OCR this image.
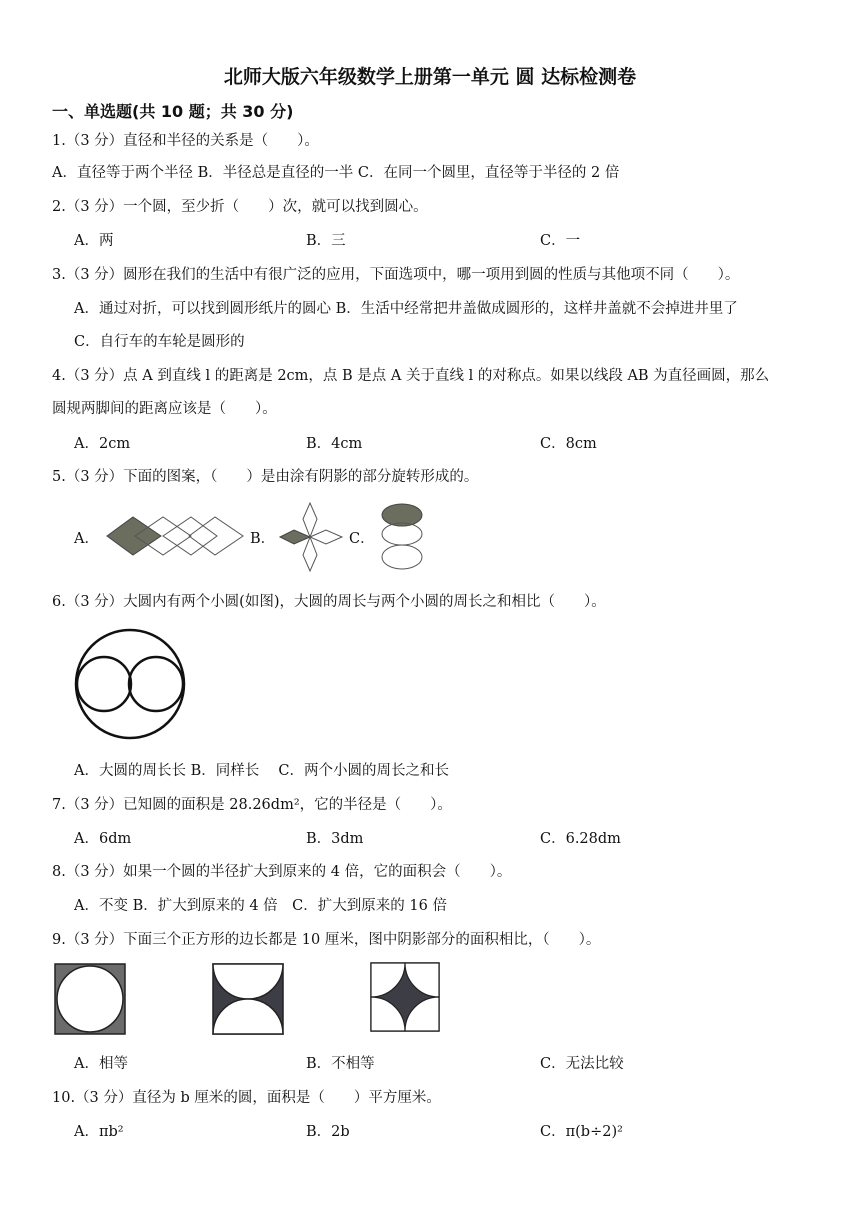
北师大版六年级数学上册第一单元 圆 达标检测卷
一、单选题(共 10 题；共 30 分)
1.（3 分）直径和半径的关系是（　　）。
A．直径等于两个半径 B．半径总是直径的一半 C．在同一个圆里，直径等于半径的 2 倍
2.（3 分）一个圆，至少折（　　）次，就可以找到圆心。
A．两	B．三	C．一
3.（3 分）圆形在我们的生活中有很广泛的应用，下面选项中，哪一项用到圆的性质与其他项不同（　　）。
A．通过对折，可以找到圆形纸片的圆心 B．生活中经常把井盖做成圆形的，这样井盖就不会掉进井里了
C．自行车的车轮是圆形的
4.（3 分）点 A 到直线 l 的距离是 2cm，点 B 是点 A 关于直线 l 的对称点。如果以线段 AB 为直径画圆，那么
圆规两脚间的距离应该是（　　）。
A．2cm	B．4cm	C．8cm
5.（3 分）下面的图案，（　　）是由涂有阴影的部分旋转形成的。
A．	B．	C．
6.（3 分）大圆内有两个小圆(如图)，大圆的周长与两个小圆的周长之和相比（　　）。
A．大圆的周长长 B．同样长　 C．两个小圆的周长之和长
7.（3 分）已知圆的面积是 28.26dm²，它的半径是（　　）。
A．6dm	B．3dm	C．6.28dm
8.（3 分）如果一个圆的半径扩大到原来的 4 倍，它的面积会（　　）。
A．不变 B．扩大到原来的 4 倍　C．扩大到原来的 16 倍
9.（3 分）下面三个正方形的边长都是 10 厘米，图中阴影部分的面积相比，（　　）。
A．相等	B．不相等	C．无法比较
10.（3 分）直径为 b 厘米的圆，面积是（　　）平方厘米。
A．πb²	B．2b	C．π(b÷2)²
